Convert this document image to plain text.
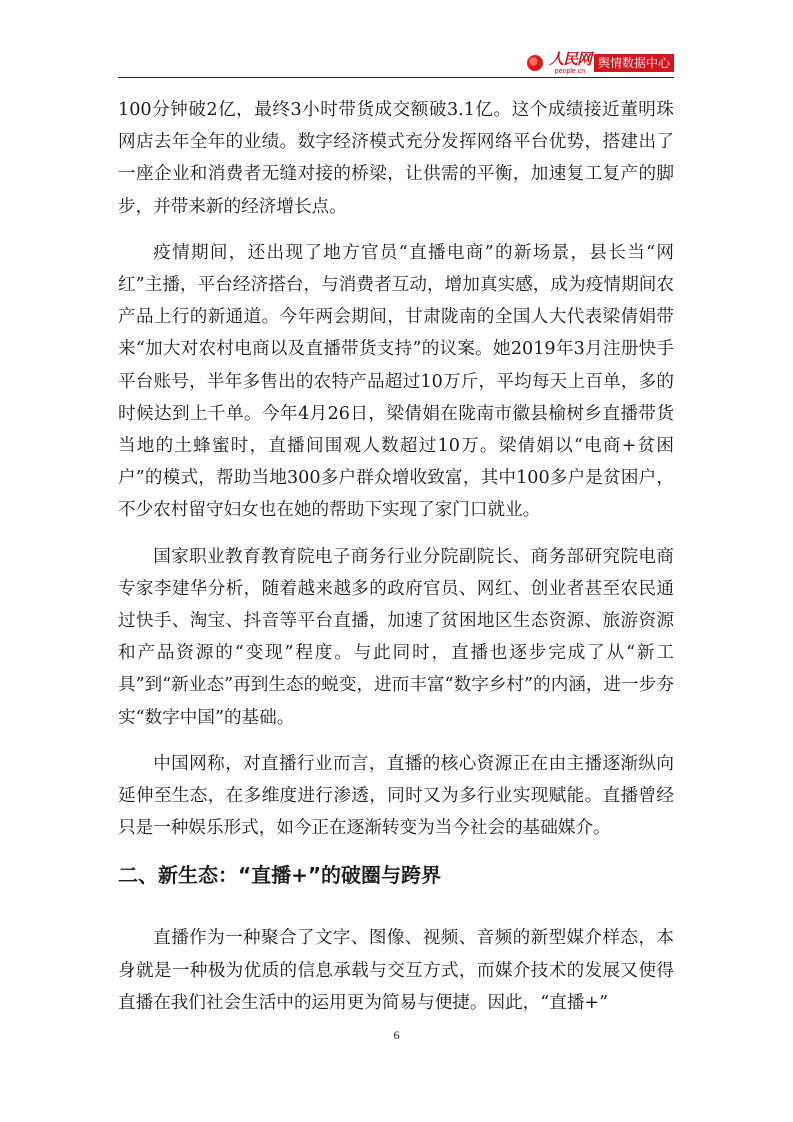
人民网
people.cn
舆情数据中心

100分钟破2亿，最终3小时带货成交额破3.1亿。这个成绩接近董明珠网店去年全年的业绩。数字经济模式充分发挥网络平台优势，搭建出了一座企业和消费者无缝对接的桥梁，让供需的平衡，加速复工复产的脚步，并带来新的经济增长点。

疫情期间，还出现了地方官员“直播电商”的新场景，县长当“网红”主播，平台经济搭台，与消费者互动，增加真实感，成为疫情期间农产品上行的新通道。今年两会期间，甘肃陇南的全国人大代表梁倩娟带来“加大对农村电商以及直播带货支持”的议案。她2019年3月注册快手平台账号，半年多售出的农特产品超过10万斤，平均每天上百单，多的时候达到上千单。今年4月26日，梁倩娟在陇南市徽县榆树乡直播带货当地的土蜂蜜时，直播间围观人数超过10万。梁倩娟以“电商+贫困户”的模式，帮助当地300多户群众增收致富，其中100多户是贫困户，不少农村留守妇女也在她的帮助下实现了家门口就业。

国家职业教育教育院电子商务行业分院副院长、商务部研究院电商专家李建华分析，随着越来越多的政府官员、网红、创业者甚至农民通过快手、淘宝、抖音等平台直播，加速了贫困地区生态资源、旅游资源和产品资源的“变现”程度。与此同时，直播也逐步完成了从“新工具”到“新业态”再到生态的蜕变，进而丰富“数字乡村”的内涵，进一步夯实“数字中国”的基础。

中国网称，对直播行业而言，直播的核心资源正在由主播逐渐纵向延伸至生态，在多维度进行渗透，同时又为多行业实现赋能。直播曾经只是一种娱乐形式，如今正在逐渐转变为当今社会的基础媒介。

二、新生态：“直播+”的破圈与跨界

直播作为一种聚合了文字、图像、视频、音频的新型媒介样态，本身就是一种极为优质的信息承载与交互方式，而媒介技术的发展又使得直播在我们社会生活中的运用更为简易与便捷。因此，“直播+”

6
